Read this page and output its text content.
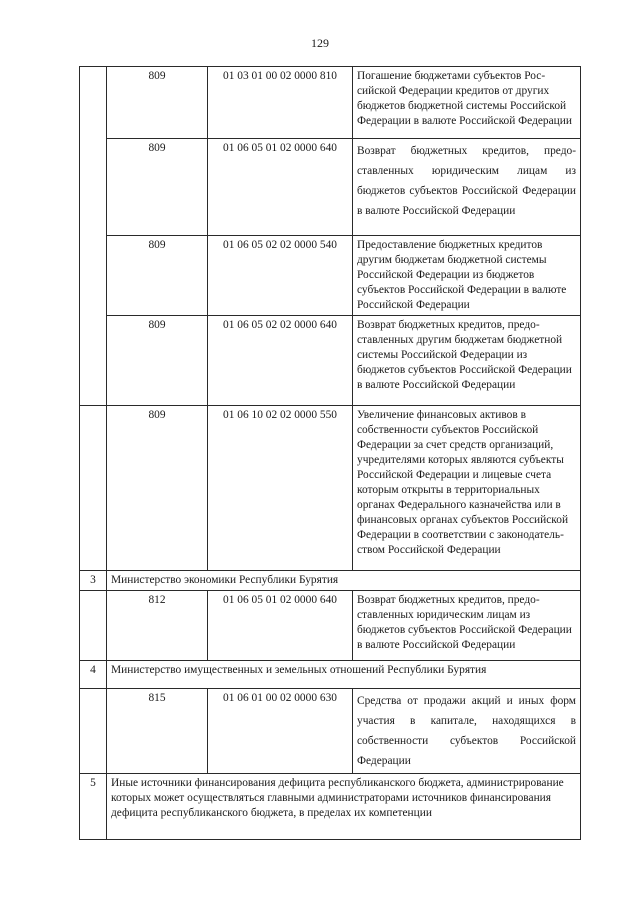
129
	809	01 03 01 00 02 0000 810	Погашение бюджетами субъектов Российской Федерации кредитов от других бюджетов бюджетной системы Российской Федерации в валюте Российской Федерации
	809	01 06 05 01 02 0000 640	Возврат бюджетных кредитов, предоставленных юридическим лицам из бюджетов субъектов Российской Федерации в валюте Российской Федерации
	809	01 06 05 02 02 0000 540	Предоставление бюджетных кредитов другим бюджетам бюджетной системы Российской Федерации из бюджетов субъектов Российской Федерации в валюте Российской Федерации
	809	01 06 05 02 02 0000 640	Возврат бюджетных кредитов, предоставленных другим бюджетам бюджетной системы Российской Федерации из бюджетов субъектов Российской Федерации в валюте Российской Федерации
	809	01 06 10 02 02 0000 550	Увеличение финансовых активов в собственности субъектов Российской Федерации за счет средств организаций, учредителями которых являются субъекты Российской Федерации и лицевые счета которым открыты в территориальных органах Федерального казначейства или в финансовых органах субъектов Российской Федерации в соответствии с законодательством Российской Федерации
3	Министерство экономики Республики Бурятия		
	812	01 06 05 01 02 0000 640	Возврат бюджетных кредитов, предоставленных юридическим лицам из бюджетов субъектов Российской Федерации в валюте Российской Федерации
4	Министерство имущественных и земельных отношений Республики Бурятия		
	815	01 06 01 00 02 0000 630	Средства от продажи акций и иных форм участия в капитале, находящихся в собственности субъектов Российской Федерации
5	Иные источники финансирования дефицита республиканского бюджета, администрирование которых может осуществляться главными администраторами источников финансирования дефицита республиканского бюджета, в пределах их компетенции		
